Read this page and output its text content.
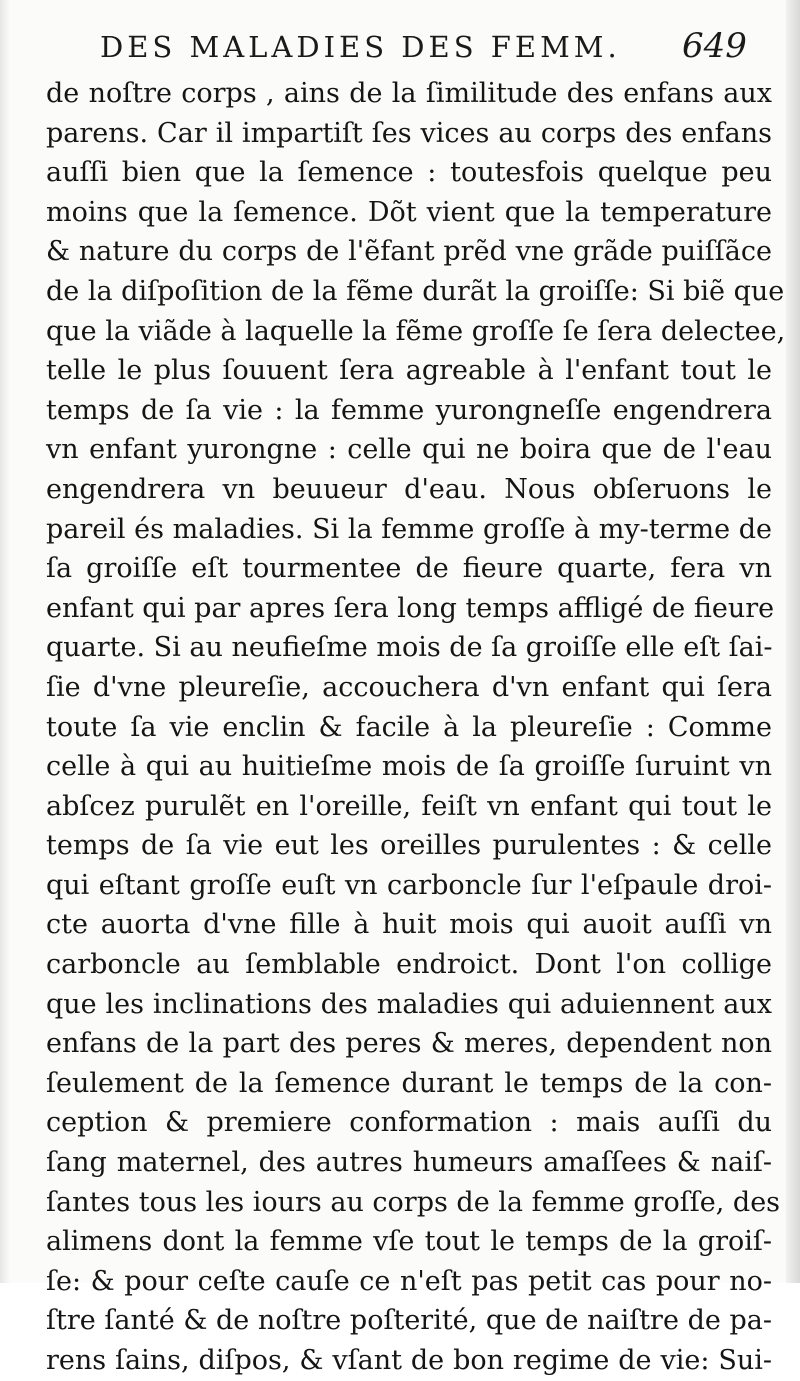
DES MALADIES DES FEMM. 649
de noſtre corps , ains de la ſimilitude des enfans aux
parens. Car il impartiſt ſes vices au corps des enfans
auſſi bien que la ſemence : toutesfois quelque peu
moins que la ſemence. Dõt vient que la temperature
& nature du corps de l'ẽfant prẽd vne grãde puiſſãce
de la diſpoſition de la fẽme durãt la groiſſe: Si biẽ que
que la viãde à laquelle la fẽme groſſe ſe ſera delectee,
telle le plus ſouuent ſera agreable à l'enfant tout le
temps de ſa vie : la femme yurongneſſe engendrera
vn enfant yurongne : celle qui ne boira que de l'eau
engendrera vn beuueur d'eau. Nous obſeruons le
pareil és maladies. Si la femme groſſe à my-terme de
ſa groiſſe eſt tourmentee de fieure quarte, fera vn
enfant qui par apres ſera long temps affligé de fieure
quarte. Si au neufieſme mois de ſa groiſſe elle eſt ſai-
ſie d'vne pleureſie, accouchera d'vn enfant qui ſera
toute ſa vie enclin & facile à la pleureſie : Comme
celle à qui au huitieſme mois de ſa groiſſe ſuruint vn
abſcez purulẽt en l'oreille, feiſt vn enfant qui tout le
temps de ſa vie eut les oreilles purulentes : & celle
qui eſtant groſſe euſt vn carboncle ſur l'eſpaule droi-
cte auorta d'vne fille à huit mois qui auoit auſſi vn
carboncle au ſemblable endroict. Dont l'on collige
que les inclinations des maladies qui aduiennent aux
enfans de la part des peres & meres, dependent non
ſeulement de la ſemence durant le temps de la con-
ception & premiere conformation : mais auſſi du
ſang maternel, des autres humeurs amaſſees & naiſ-
ſantes tous les iours au corps de la femme groſſe, des
alimens dont la femme vſe tout le temps de la groiſ-
ſe: & pour ceſte cauſe ce n'eſt pas petit cas pour no-
ſtre ſanté & de noſtre poſterité, que de naiſtre de pa-
rens ſains, diſpos, & vſant de bon regime de vie: Sui-
